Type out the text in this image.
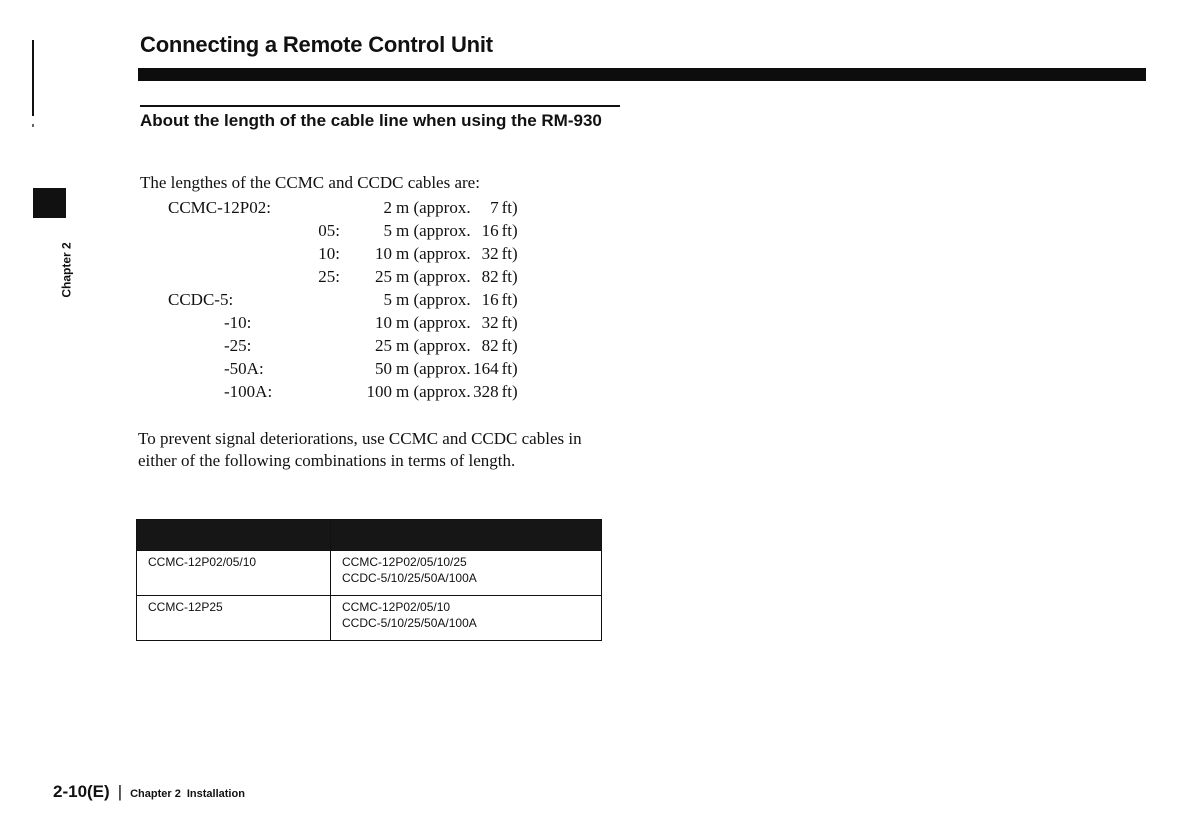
Chapter 2
Connecting a Remote Control Unit
About the length of the cable line when using the RM-930

The lengthes of the CCMC and CCDC cables are:

CCMC-12P02:	2	m (approx.	7	ft)
05:	5	m (approx.	16	ft)
10:	10	m (approx.	32	ft)
25:	25	m (approx.	82	ft)
CCDC-5:	5	m (approx.	16	ft)
-10:	10	m (approx.	32	ft)
-25:	25	m (approx.	82	ft)
-50A:	50	m (approx.	164	ft)
-100A:	100	m (approx.	328	ft)

To prevent signal deteriorations, use CCMC and CCDC cables in either of the following combinations in terms of length.

CCMC-12P02/05/10	CCMC-12P02/05/10/25
CCDC-5/10/25/50A/100A

CCMC-12P25	CCMC-12P02/05/10
CCDC-5/10/25/50A/100A
2-10(E) | Chapter 2 Installation
